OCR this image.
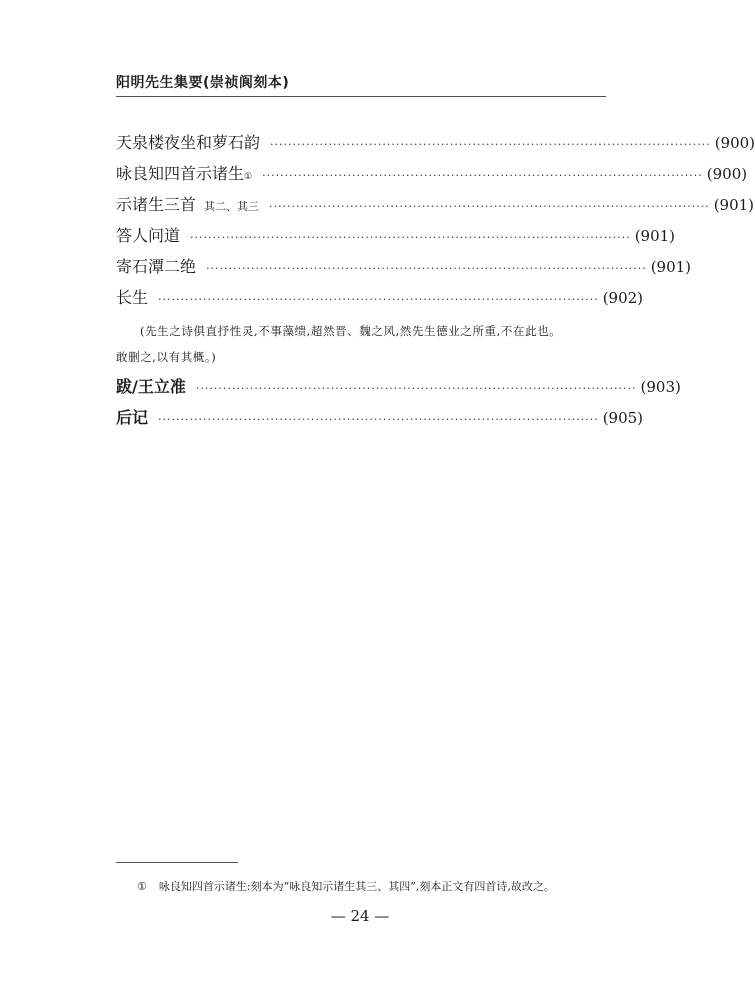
阳明先生集要(崇祯阆刻本)
天泉楼夜坐和萝石韵 ·································································································· (900)
咏良知四首示诸生 ① ·································································································· (900)
示诸生三首 其二、其三 ·································································································· (901)
答人问道 ·································································································· (901)
寄石潭二绝 ·································································································· (901)
长生 ·································································································· (902)
(先生之诗俱直抒性灵,不事藻缋,超然晋、魏之风,然先生德业之所重,不在此也。
敢删之,以有其概。)
跋/王立准 ·································································································· (903)
后记 ·································································································· (905)
① 咏良知四首示诸生:刻本为“咏良知示诸生其三、其四”,刻本正文有四首诗,故改之。
— 24 —
